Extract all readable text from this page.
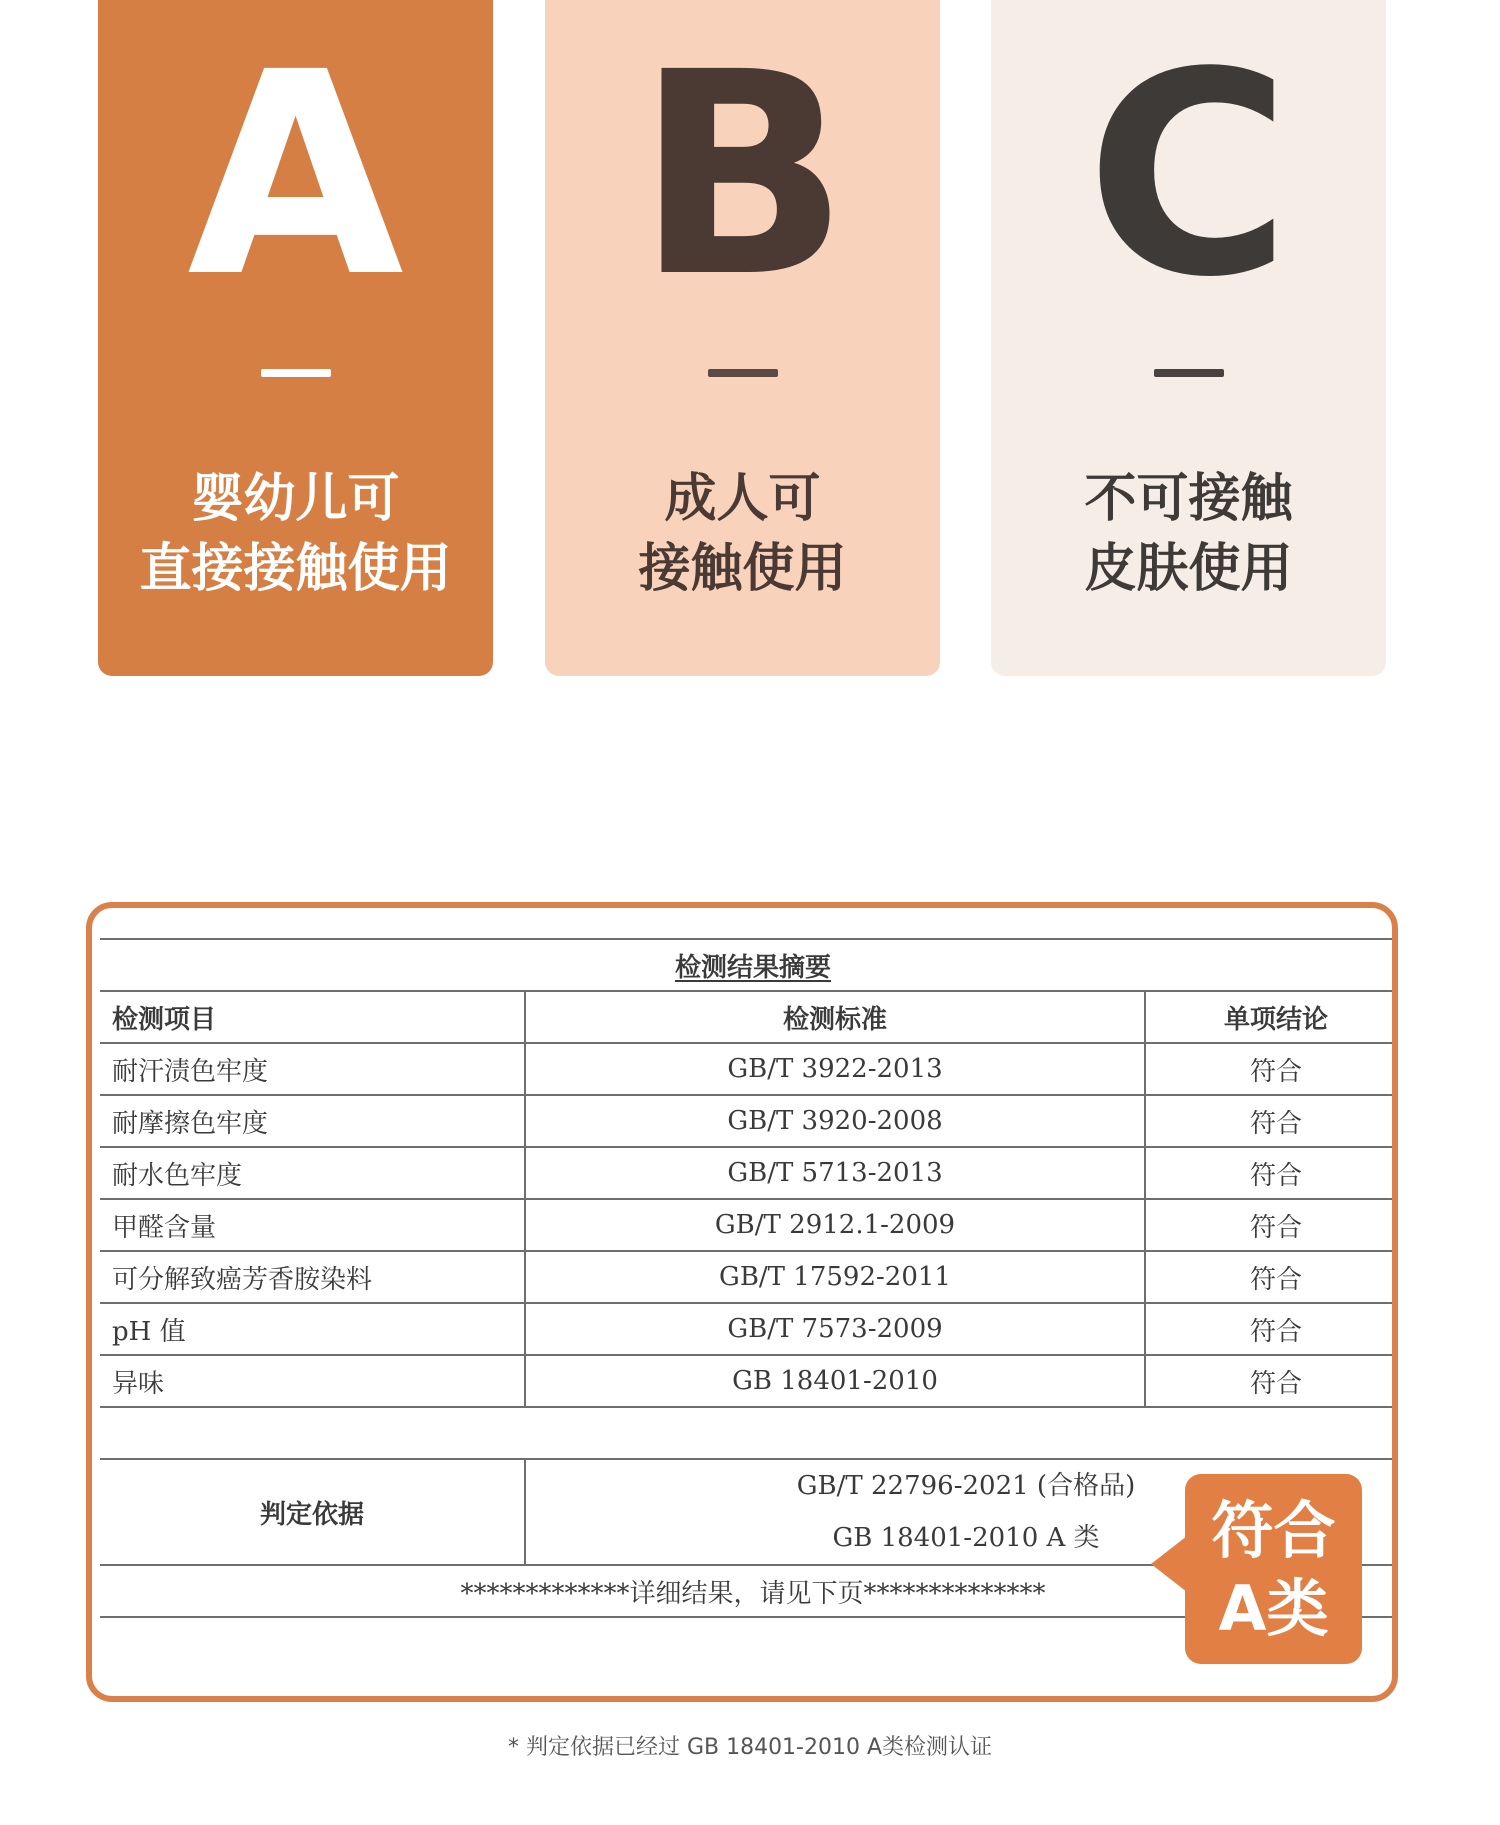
A
婴幼儿可
直接接触使用
B
成人可
接触使用
C
不可接触
皮肤使用
检测结果摘要		
检测项目	检测标准	单项结论
耐汗渍色牢度	GB/T 3922-2013	符合
耐摩擦色牢度	GB/T 3920-2008	符合
耐水色牢度	GB/T 5713-2013	符合
甲醛含量	GB/T 2912.1-2009	符合
可分解致癌芳香胺染料	GB/T 17592-2011	符合
pH 值	GB/T 7573-2009	符合
异味	GB 18401-2010	符合

判定依据	GB/T 22796-2021 (合格品)
GB 18401-2010 A 类	

*************详细结果，请见下页**************		

符合
A类
* 判定依据已经过 GB 18401-2010 A类检测认证
